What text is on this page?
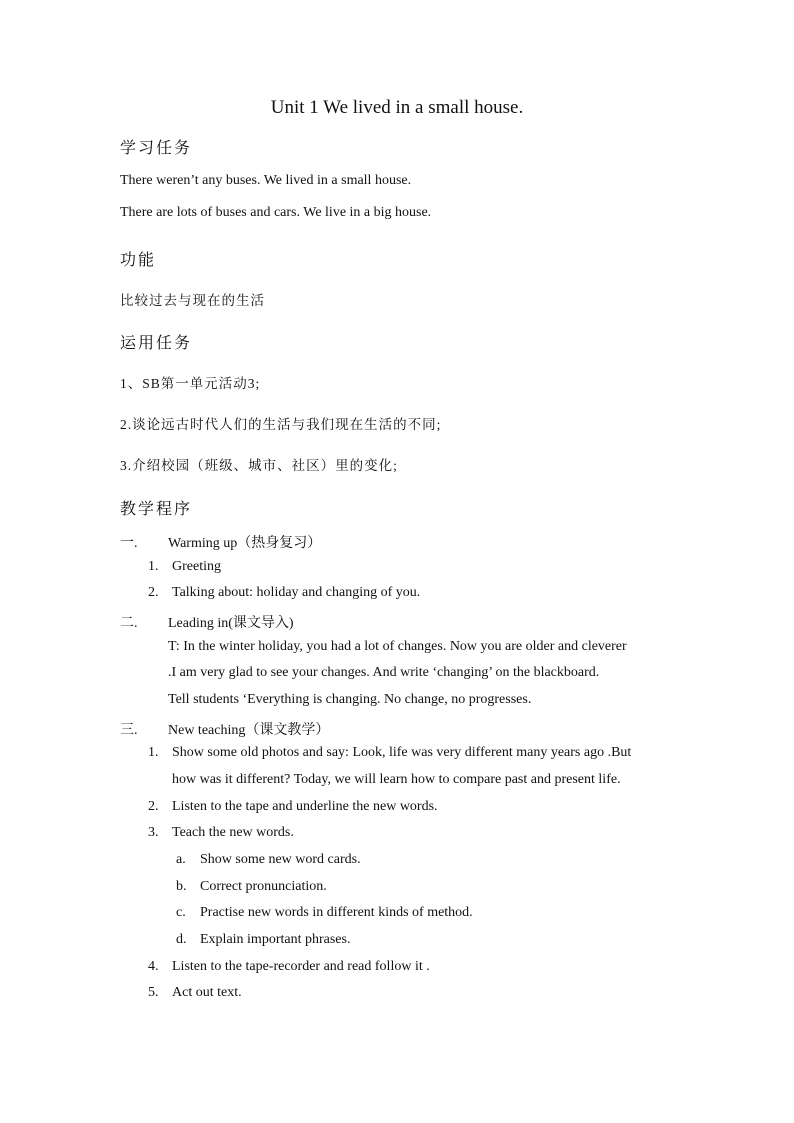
Unit 1 We lived in a small house.
学习任务
There weren’t any buses. We lived in a small house.
There are lots of buses and cars. We live in a big house.
功能
比较过去与现在的生活
运用任务
1、SB第一单元活动3;
2.谈论远古时代人们的生活与我们现在生活的不同;
3.介绍校园（班级、城市、社区）里的变化;
教学程序
一. Warming up（热身复习）
1. Greeting
2. Talking about: holiday and changing of you.
二. Leading in(课文导入)
T: In the winter holiday, you had a lot of changes. Now you are older and cleverer
.I am very glad to see your changes. And write ‘changing’ on the blackboard.
Tell students ‘Everything is changing. No change, no progresses.
三. New teaching（课文教学）
1. Show some old photos and say: Look, life was very different many years ago .But
how was it different? Today, we will learn how to compare past and present life.
2. Listen to the tape and underline the new words.
3. Teach the new words.
a. Show some new word cards.
b. Correct pronunciation.
c. Practise new words in different kinds of method.
d. Explain important phrases.
4. Listen to the tape-recorder and read follow it .
5. Act out text.
